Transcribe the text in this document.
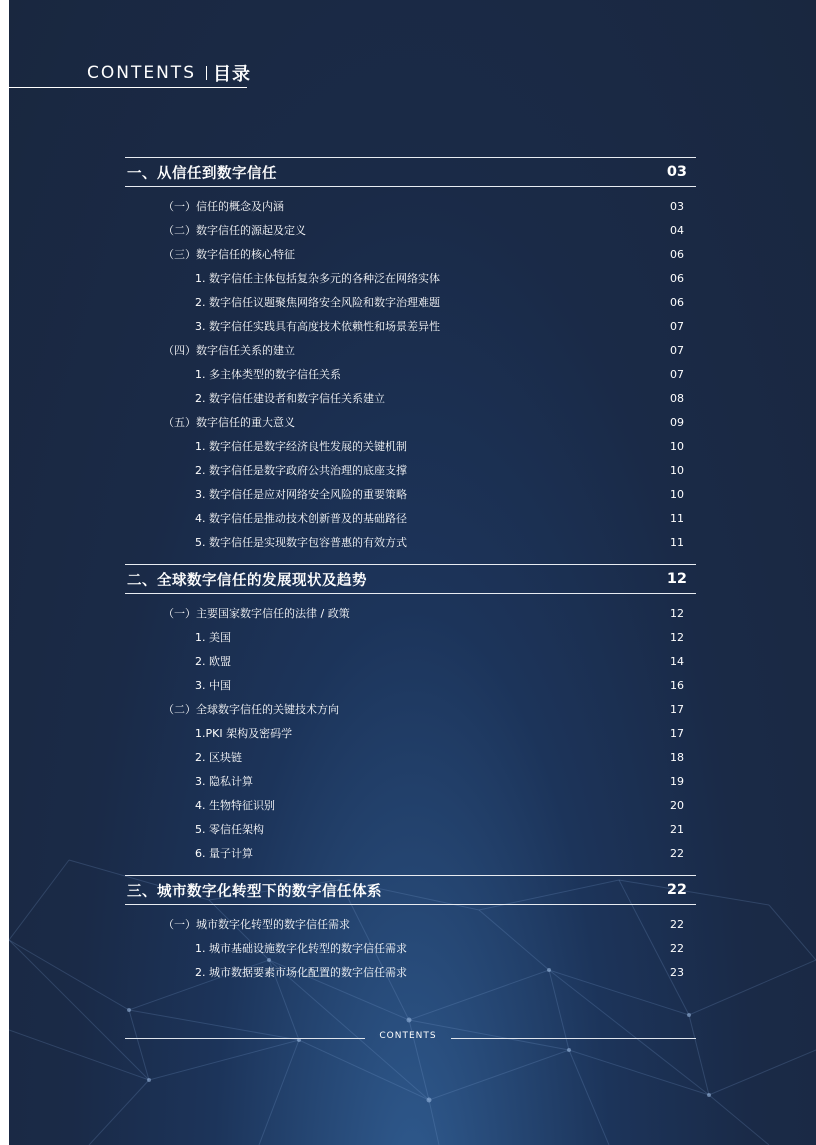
CONTENTS 目录
一、从信任到数字信任	03
（一）信任的概念及内涵	03
（二）数字信任的源起及定义	04
（三）数字信任的核心特征	06
1. 数字信任主体包括复杂多元的各种泛在网络实体	06
2. 数字信任议题聚焦网络安全风险和数字治理难题	06
3. 数字信任实践具有高度技术依赖性和场景差异性	07
（四）数字信任关系的建立	07
1. 多主体类型的数字信任关系	07
2. 数字信任建设者和数字信任关系建立	08
（五）数字信任的重大意义	09
1. 数字信任是数字经济良性发展的关键机制	10
2. 数字信任是数字政府公共治理的底座支撑	10
3. 数字信任是应对网络安全风险的重要策略	10
4. 数字信任是推动技术创新普及的基础路径	11
5. 数字信任是实现数字包容普惠的有效方式	11
二、全球数字信任的发展现状及趋势	12
（一）主要国家数字信任的法律 / 政策	12
1. 美国	12
2. 欧盟	14
3. 中国	16
（二）全球数字信任的关键技术方向	17
1.PKI 架构及密码学	17
2. 区块链	18
3. 隐私计算	19
4. 生物特征识别	20
5. 零信任架构	21
6. 量子计算	22
三、城市数字化转型下的数字信任体系	22
（一）城市数字化转型的数字信任需求	22
1. 城市基础设施数字化转型的数字信任需求	22
2. 城市数据要素市场化配置的数字信任需求	23
CONTENTS
